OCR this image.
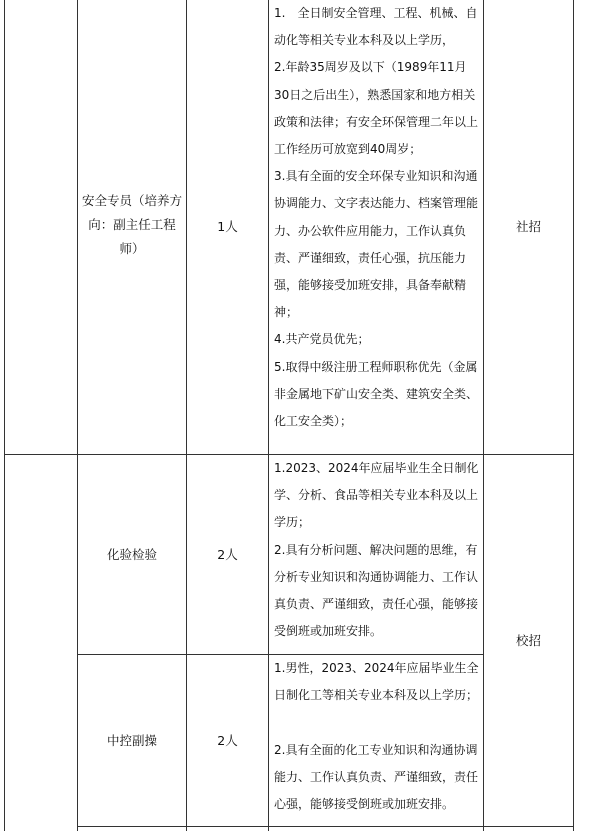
安全专员（培养方向：副主任工程师）
1人

1.　全日制安全管理、工程、机械、自动化等相关专业本科及以上学历，

2.年龄35周岁及以下（1989年11月30日之后出生），熟悉国家和地方相关政策和法律；有安全环保管理二年以上工作经历可放宽到40周岁；

3.具有全面的安全环保专业知识和沟通协调能力、文字表达能力、档案管理能力、办公软件应用能力，工作认真负责、严谨细致，责任心强，抗压能力强，能够接受加班安排，具备奉献精神；

4.共产党员优先；

5.取得中级注册工程师职称优先（金属非金属地下矿山安全类、建筑安全类、化工安全类）；

社招
化验检验	2人

1.2023、2024年应届毕业生全日制化学、分析、食品等相关专业本科及以上学历；

2.具有分析问题、解决问题的思维，有分析专业知识和沟通协调能力、工作认真负责、严谨细致，责任心强，能够接受倒班或加班安排。

校招
中控副操	2人

1.男性，2023、2024年应届毕业生全日制化工等相关专业本科及以上学历；

2.具有全面的化工专业知识和沟通协调能力、工作认真负责、严谨细致，责任心强，能够接受倒班或加班安排。
